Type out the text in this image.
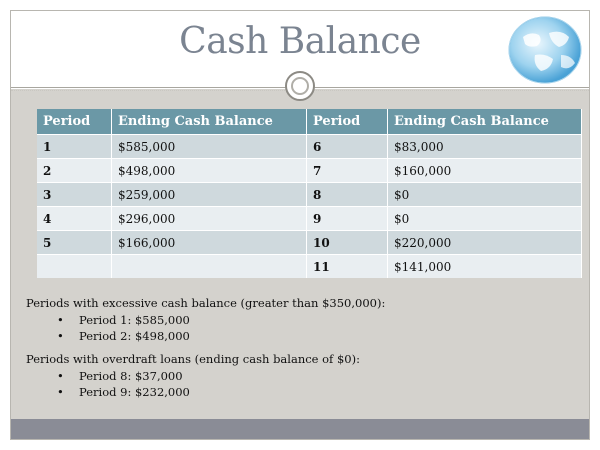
Cash Balance
Period	Ending Cash Balance	Period	Ending Cash Balance
1	$585,000	6	$83,000
2	$498,000	7	$160,000
3	$259,000	8	$0
4	$296,000	9	$0
5	$166,000	10	$220,000
		11	$141,000
Periods with excessive cash balance (greater than $350,000):
• Period 1: $585,000
• Period 2: $498,000
Periods with overdraft loans (ending cash balance of $0):
• Period 8: $37,000
• Period 9: $232,000
